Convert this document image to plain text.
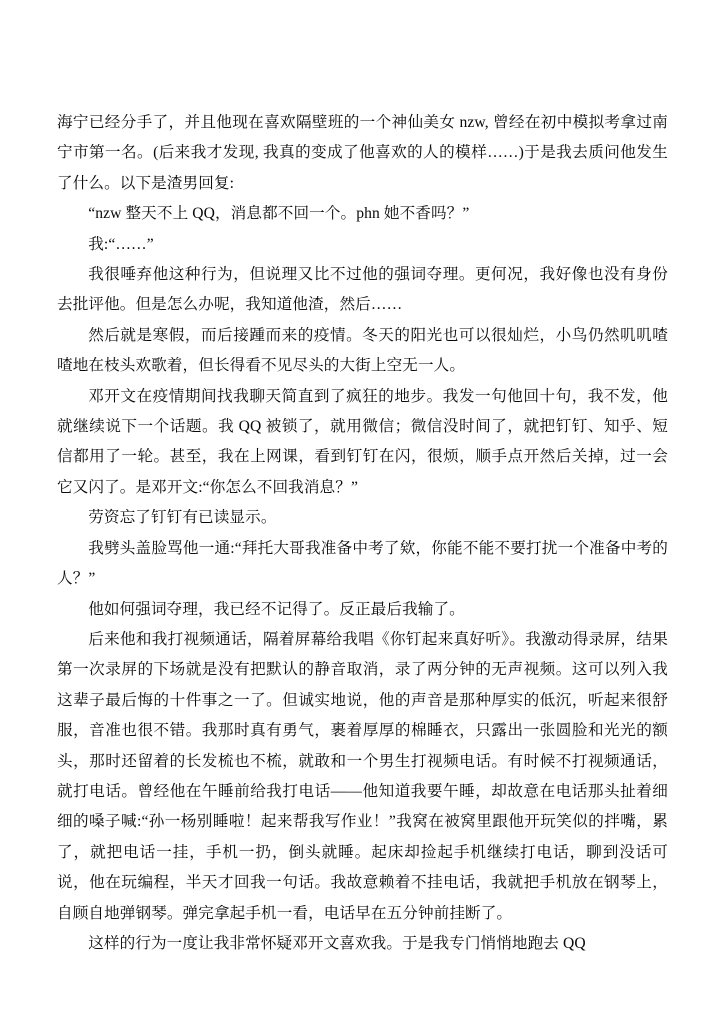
海宁已经分手了，并且他现在喜欢隔壁班的一个神仙美女 nzw, 曾经在初中模拟考拿过南宁市第一名。(后来我才发现, 我真的变成了他喜欢的人的模样……)于是我去质问他发生了什么。以下是渣男回复:

“nzw 整天不上 QQ，消息都不回一个。phn 她不香吗？”

我:“……”

我很唾弃他这种行为，但说理又比不过他的强词夺理。更何况，我好像也没有身份去批评他。但是怎么办呢，我知道他渣，然后……

然后就是寒假，而后接踵而来的疫情。冬天的阳光也可以很灿烂，小鸟仍然叽叽喳喳地在枝头欢歌着，但长得看不见尽头的大街上空无一人。

邓开文在疫情期间找我聊天简直到了疯狂的地步。我发一句他回十句，我不发，他就继续说下一个话题。我 QQ 被锁了，就用微信；微信没时间了，就把钉钉、知乎、短信都用了一轮。甚至，我在上网课，看到钉钉在闪，很烦，顺手点开然后关掉，过一会它又闪了。是邓开文:“你怎么不回我消息？”

劳资忘了钉钉有已读显示。

我劈头盖脸骂他一通:“拜托大哥我准备中考了欸，你能不能不要打扰一个准备中考的人？”

他如何强词夺理，我已经不记得了。反正最后我输了。

后来他和我打视频通话，隔着屏幕给我唱《你钉起来真好听》。我激动得录屏，结果第一次录屏的下场就是没有把默认的静音取消，录了两分钟的无声视频。这可以列入我这辈子最后悔的十件事之一了。但诚实地说，他的声音是那种厚实的低沉，听起来很舒服，音准也很不错。我那时真有勇气，裹着厚厚的棉睡衣，只露出一张圆脸和光光的额头，那时还留着的长发梳也不梳，就敢和一个男生打视频电话。有时候不打视频通话，就打电话。曾经他在午睡前给我打电话——他知道我要午睡，却故意在电话那头扯着细细的嗓子喊:“孙一杨别睡啦！起来帮我写作业！”我窝在被窝里跟他开玩笑似的拌嘴，累了，就把电话一挂，手机一扔，倒头就睡。起床却捡起手机继续打电话，聊到没话可说，他在玩编程，半天才回我一句话。我故意赖着不挂电话，我就把手机放在钢琴上，自顾自地弹钢琴。弹完拿起手机一看，电话早在五分钟前挂断了。

这样的行为一度让我非常怀疑邓开文喜欢我。于是我专门悄悄地跑去 QQ
